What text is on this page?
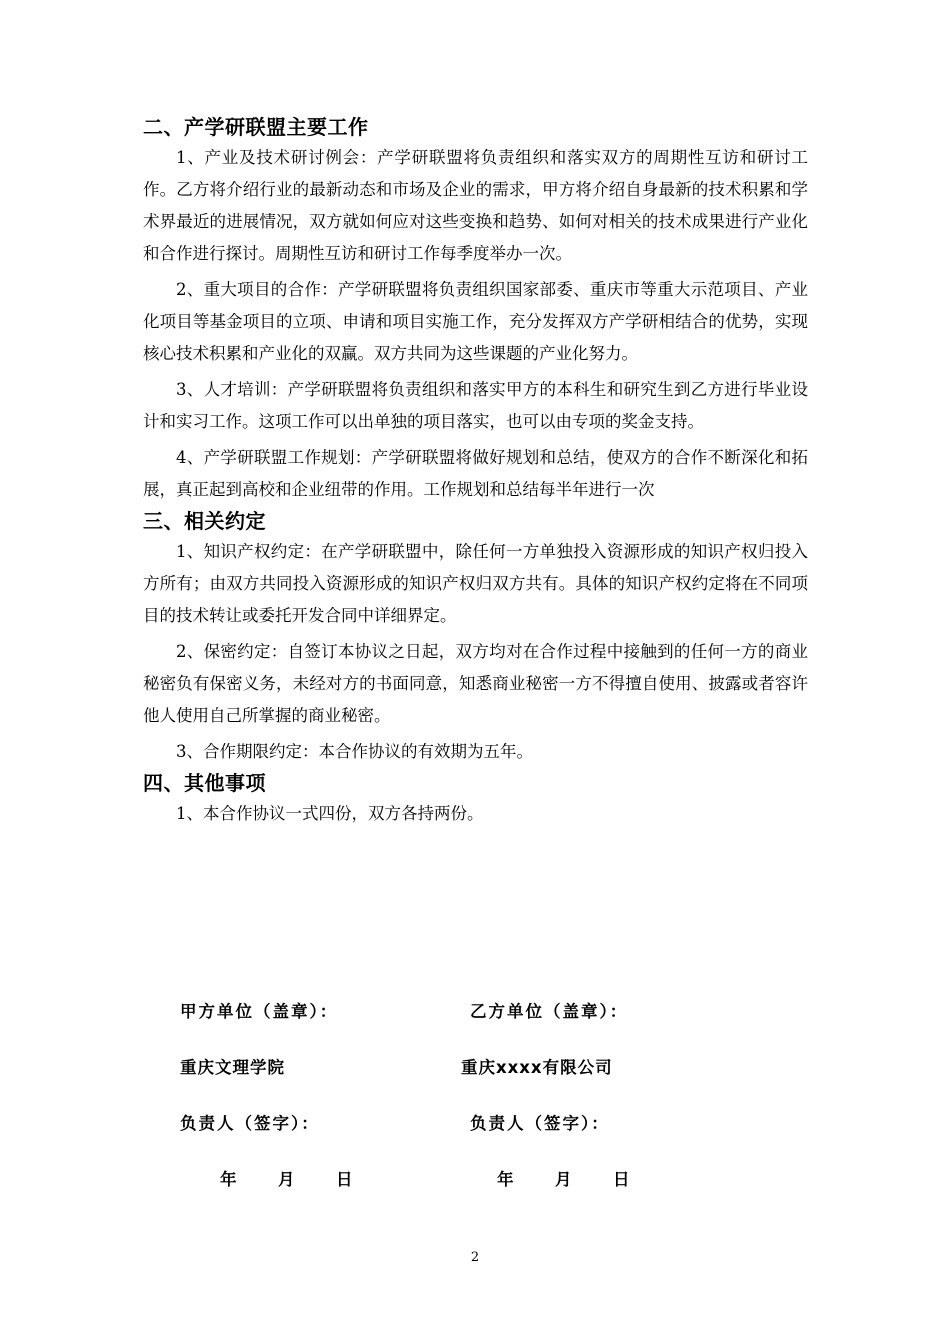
二、产学研联盟主要工作

1、产业及技术研讨例会：产学研联盟将负责组织和落实双方的周期性互访和研讨工作。乙方将介绍行业的最新动态和市场及企业的需求，甲方将介绍自身最新的技术积累和学术界最近的进展情况，双方就如何应对这些变换和趋势、如何对相关的技术成果进行产业化和合作进行探讨。周期性互访和研讨工作每季度举办一次。

2、重大项目的合作：产学研联盟将负责组织国家部委、重庆市等重大示范项目、产业化项目等基金项目的立项、申请和项目实施工作，充分发挥双方产学研相结合的优势，实现核心技术积累和产业化的双赢。双方共同为这些课题的产业化努力。

3、人才培训：产学研联盟将负责组织和落实甲方的本科生和研究生到乙方进行毕业设计和实习工作。这项工作可以出单独的项目落实，也可以由专项的奖金支持。

4、产学研联盟工作规划：产学研联盟将做好规划和总结，使双方的合作不断深化和拓展，真正起到高校和企业纽带的作用。工作规划和总结每半年进行一次

三、相关约定

1、知识产权约定：在产学研联盟中，除任何一方单独投入资源形成的知识产权归投入方所有；由双方共同投入资源形成的知识产权归双方共有。具体的知识产权约定将在不同项目的技术转让或委托开发合同中详细界定。

2、保密约定：自签订本协议之日起，双方均对在合作过程中接触到的任何一方的商业秘密负有保密义务，未经对方的书面同意，知悉商业秘密一方不得擅自使用、披露或者容许他人使用自己所掌握的商业秘密。

3、合作期限约定：本合作协议的有效期为五年。

四、其他事项

1、本合作协议一式四份，双方各持两份。

甲方单位（盖章）：	乙方单位（盖章）：
重庆文理学院	重庆xxxx有限公司
负责人（签字）：	负责人（签字）：
年	月	日	年	月	日
2
